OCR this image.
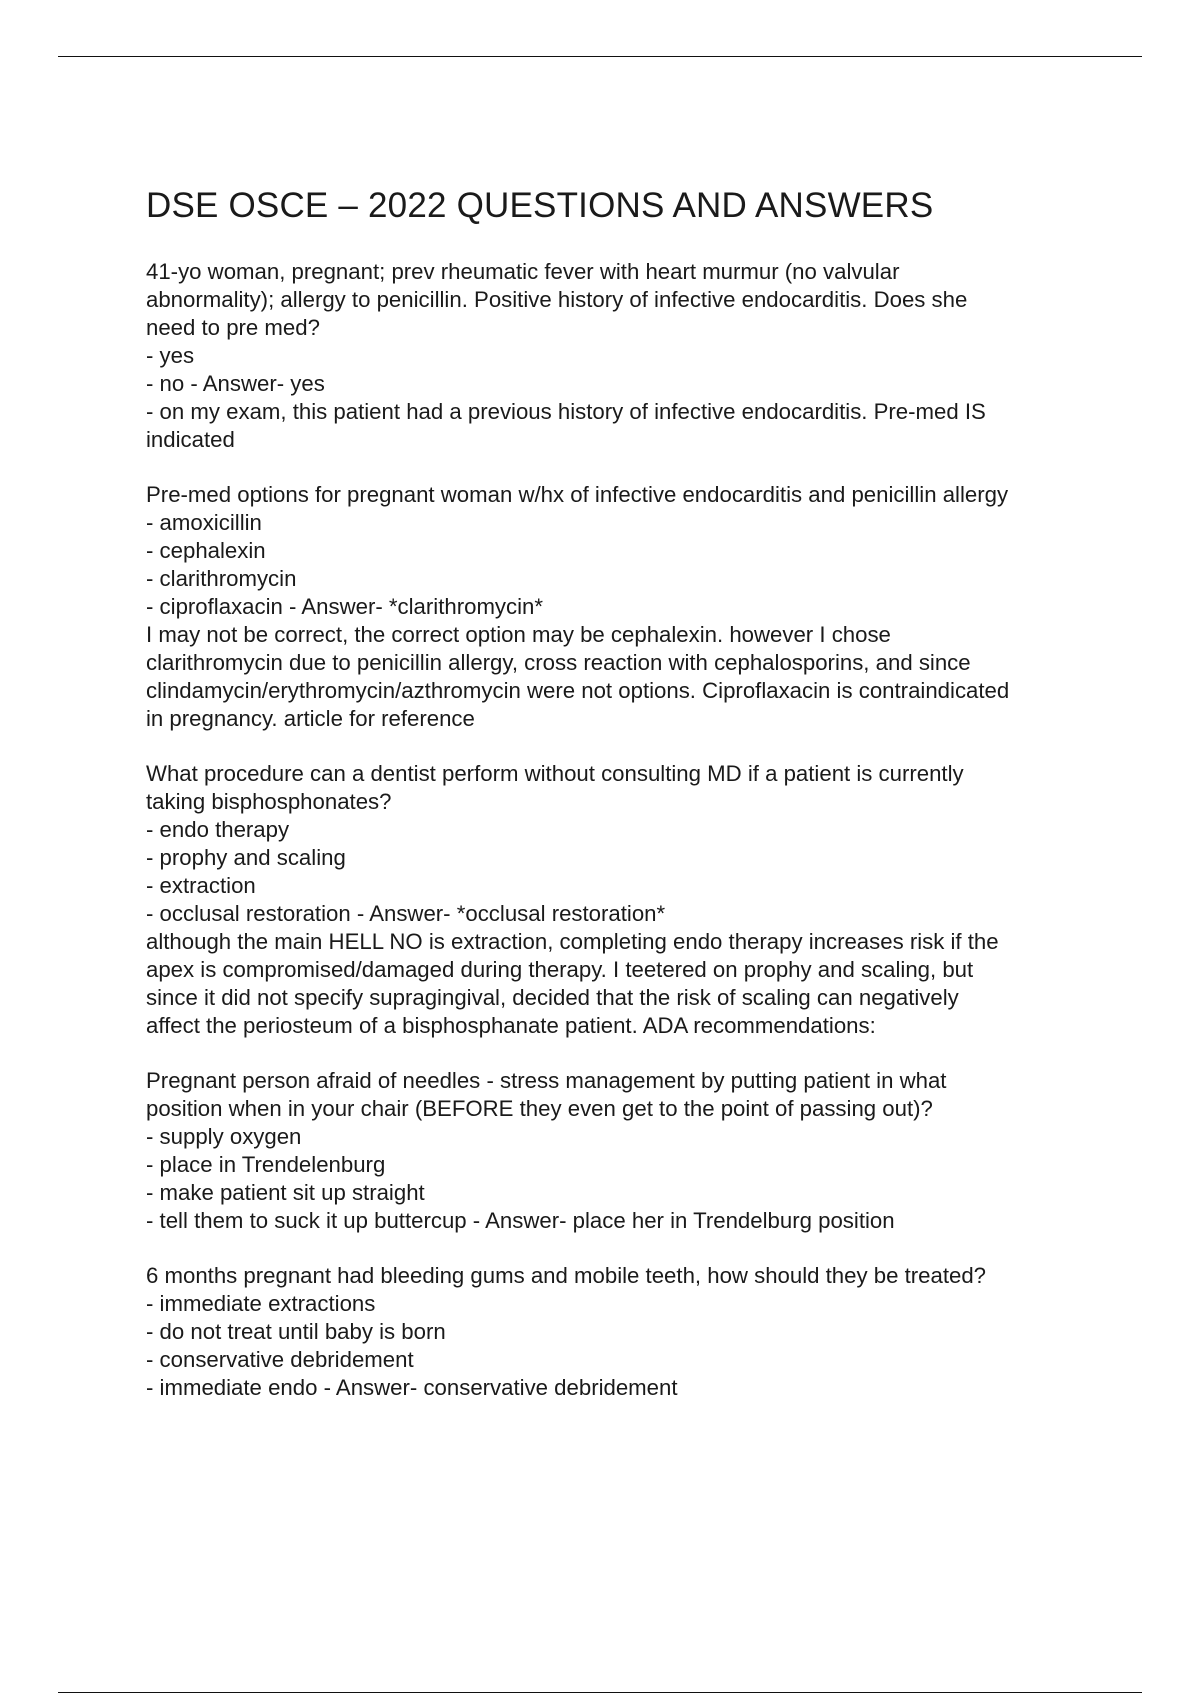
DSE OSCE – 2022 QUESTIONS AND ANSWERS
41-yo woman, pregnant; prev rheumatic fever with heart murmur (no valvular
abnormality); allergy to penicillin. Positive history of infective endocarditis. Does she
need to pre med?
- yes
- no - Answer- yes
- on my exam, this patient had a previous history of infective endocarditis. Pre-med IS
indicated
Pre-med options for pregnant woman w/hx of infective endocarditis and penicillin allergy
- amoxicillin
- cephalexin
- clarithromycin
- ciproflaxacin - Answer- *clarithromycin*
I may not be correct, the correct option may be cephalexin. however I chose
clarithromycin due to penicillin allergy, cross reaction with cephalosporins, and since
clindamycin/erythromycin/azthromycin were not options. Ciproflaxacin is contraindicated
in pregnancy. article for reference
What procedure can a dentist perform without consulting MD if a patient is currently
taking bisphosphonates?
- endo therapy
- prophy and scaling
- extraction
- occlusal restoration - Answer- *occlusal restoration*
although the main HELL NO is extraction, completing endo therapy increases risk if the
apex is compromised/damaged during therapy. I teetered on prophy and scaling, but
since it did not specify supragingival, decided that the risk of scaling can negatively
affect the periosteum of a bisphosphanate patient. ADA recommendations:
Pregnant person afraid of needles - stress management by putting patient in what
position when in your chair (BEFORE they even get to the point of passing out)?
- supply oxygen
- place in Trendelenburg
- make patient sit up straight
- tell them to suck it up buttercup - Answer- place her in Trendelburg position
6 months pregnant had bleeding gums and mobile teeth, how should they be treated?
- immediate extractions
- do not treat until baby is born
- conservative debridement
- immediate endo - Answer- conservative debridement
